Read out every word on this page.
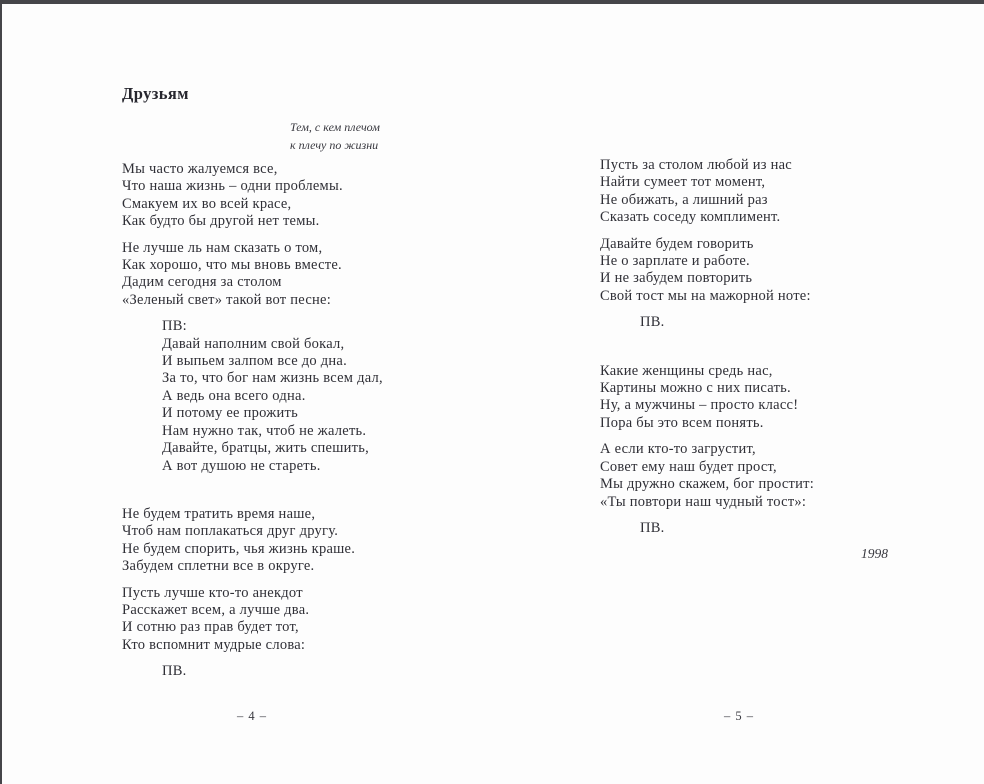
Друзьям
Тем, с кем плечом
к плечу по жизни
Мы часто жалуемся все,
Что наша жизнь – одни проблемы.
Смакуем их во всей красе,
Как будто бы другой нет темы.
Не лучше ль нам сказать о том,
Как хорошо, что мы вновь вместе.
Дадим сегодня за столом
«Зеленый свет» такой вот песне:
ПВ:
Давай наполним свой бокал,
И выпьем залпом все до дна.
За то, что бог нам жизнь всем дал,
А ведь она всего одна.
И потому ее прожить
Нам нужно так, чтоб не жалеть.
Давайте, братцы, жить спешить,
А вот душою не стареть.
Не будем тратить время наше,
Чтоб нам поплакаться друг другу.
Не будем спорить, чья жизнь краше.
Забудем сплетни все в округе.
Пусть лучше кто-то анекдот
Расскажет всем, а лучше два.
И сотню раз прав будет тот,
Кто вспомнит мудрые слова:
ПВ.
Пусть за столом любой из нас
Найти сумеет тот момент,
Не обижать, а лишний раз
Сказать соседу комплимент.
Давайте будем говорить
Не о зарплате и работе.
И не забудем повторить
Свой тост мы на мажорной ноте:
ПВ.
Какие женщины средь нас,
Картины можно с них писать.
Ну, а мужчины – просто класс!
Пора бы это всем понять.
А если кто-то загрустит,
Совет ему наш будет прост,
Мы дружно скажем, бог простит:
«Ты повтори наш чудный тост»:
ПВ.
1998
– 4 –	– 5 –
